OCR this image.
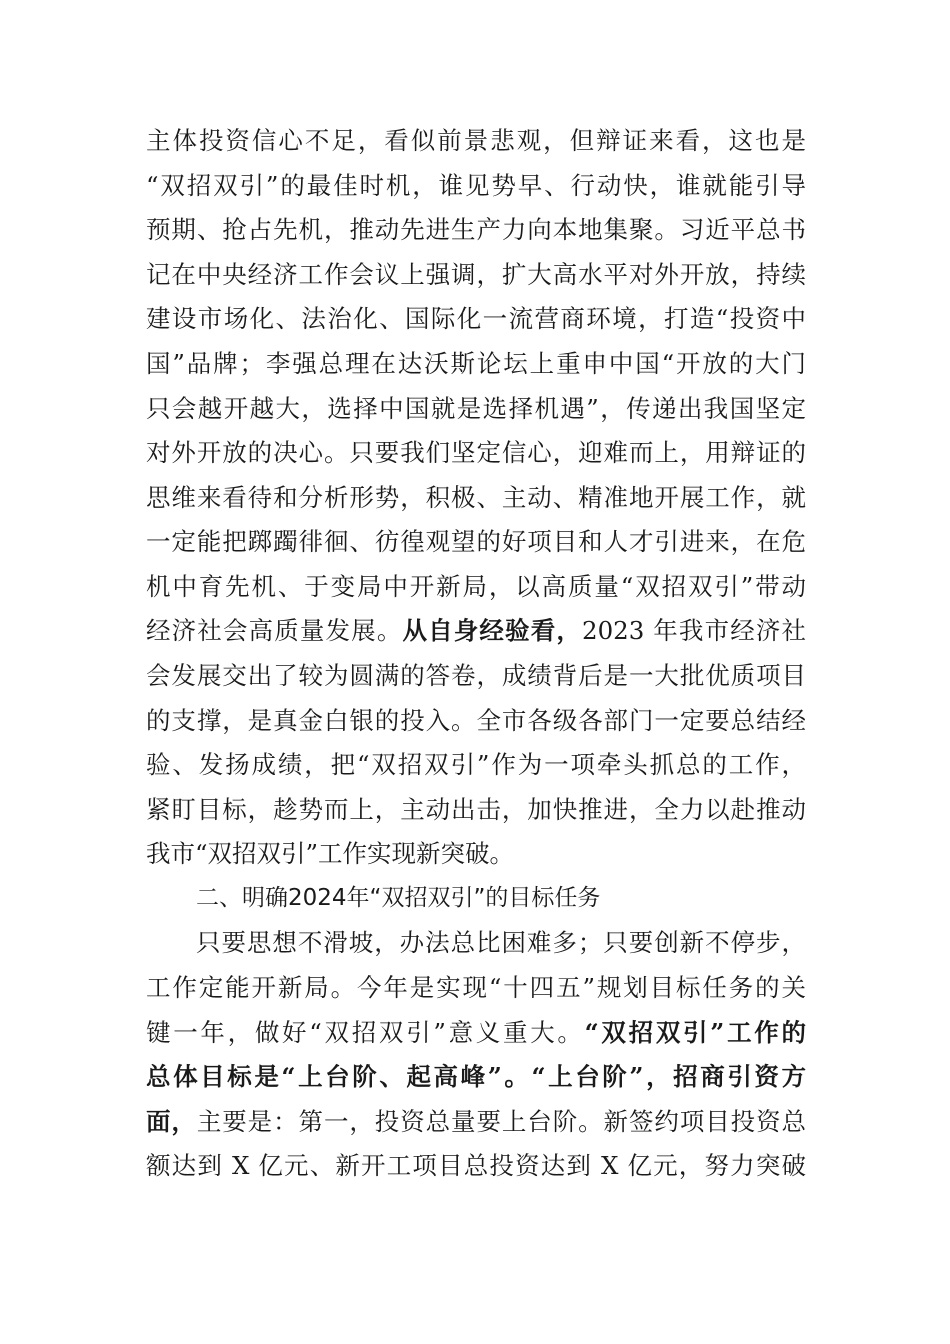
主体投资信心不足，看似前景悲观，但辩证来看，这也是
“双招双引”的最佳时机，谁见势早、行动快，谁就能引导
预期、抢占先机，推动先进生产力向本地集聚。习近平总书
记在中央经济工作会议上强调，扩大高水平对外开放，持续
建设市场化、法治化、国际化一流营商环境，打造“投资中
国”品牌；李强总理在达沃斯论坛上重申中国“开放的大门
只会越开越大，选择中国就是选择机遇”，传递出我国坚定
对外开放的决心。只要我们坚定信心，迎难而上，用辩证的
思维来看待和分析形势，积极、主动、精准地开展工作，就
一定能把踯躅徘徊、彷徨观望的好项目和人才引进来，在危
机中育先机、于变局中开新局，以高质量“双招双引”带动
经济社会高质量发展。从自身经验看，2023 年我市经济社
会发展交出了较为圆满的答卷，成绩背后是一大批优质项目
的支撑，是真金白银的投入。全市各级各部门一定要总结经
验、发扬成绩，把“双招双引”作为一项牵头抓总的工作，
紧盯目标，趁势而上，主动出击，加快推进，全力以赴推动
我市“双招双引”工作实现新突破。
二、明确2024年“双招双引”的目标任务
只要思想不滑坡，办法总比困难多；只要创新不停步，
工作定能开新局。今年是实现“十四五”规划目标任务的关
键一年，做好“双招双引”意义重大。“双招双引”工作的
总体目标是“上台阶、起高峰”。“上台阶”，招商引资方
面，主要是：第一，投资总量要上台阶。新签约项目投资总
额达到 X 亿元、新开工项目总投资达到 X 亿元，努力突破
